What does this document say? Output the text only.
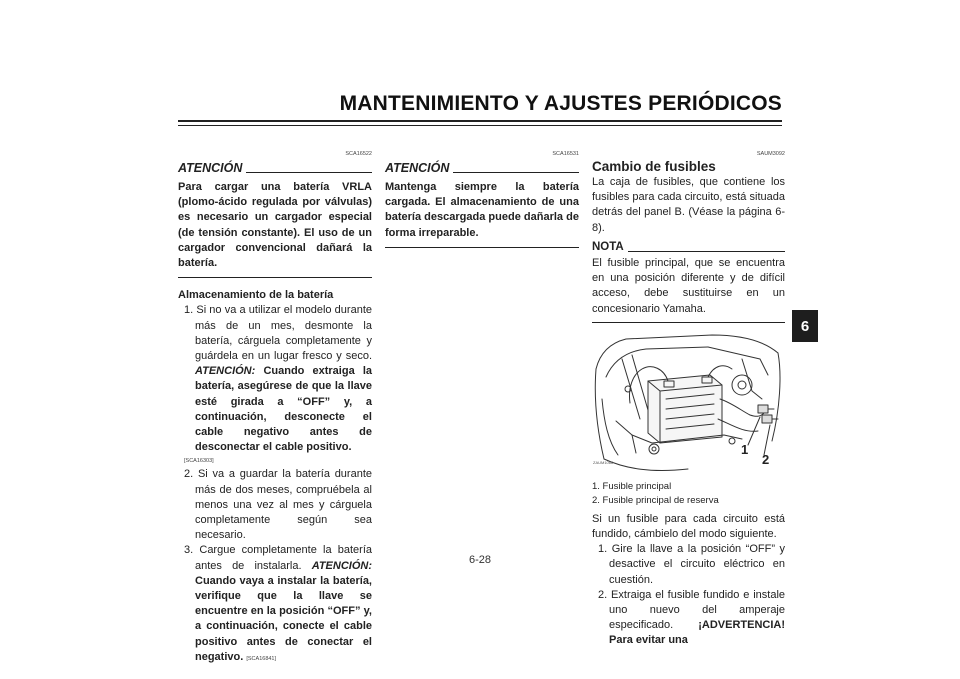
MANTENIMIENTO Y AJUSTES PERIÓDICOS
6
SCA16522
ATENCIÓN
Para cargar una batería VRLA (plomo-ácido regulada por válvulas) es necesario un cargador especial (de tensión constante). El uso de un cargador convencional dañará la batería.
Almacenamiento de la batería
1. Si no va a utilizar el modelo durante más de un mes, desmonte la batería, cárguela completamente y guárdela en un lugar fresco y seco. ATENCIÓN: Cuando extraiga la batería, asegúrese de que la llave esté girada a “OFF” y, a continuación, desconecte el cable negativo antes de desconectar el cable positivo.
[SCA16303]
2. Si va a guardar la batería durante más de dos meses, compruébela al menos una vez al mes y cárguela completamente según sea necesario.
3. Cargue completamente la batería antes de instalarla. ATENCIÓN: Cuando vaya a instalar la batería, verifique que la llave se encuentre en la posición “OFF” y, a continuación, conecte el cable positivo antes de conectar el negativo. [SCA16841]
SCA16531
ATENCIÓN
Mantenga siempre la batería cargada. El almacenamiento de una batería descargada puede dañarla de forma irreparable.
SAUM3092
Cambio de fusibles
La caja de fusibles, que contiene los fusibles para cada circuito, está situada detrás del panel B. (Véase la página 6-8).
NOTA
El fusible principal, que se encuentra en una posición diferente y de difícil acceso, debe sustituirse en un concesionario Yamaha.
ZAUM1068
1
2
1. Fusible principal
2. Fusible principal de reserva
Si un fusible para cada circuito está fundido, cámbielo del modo siguiente.
1. Gire la llave a la posición “OFF” y desactive el circuito eléctrico en cuestión.
2. Extraiga el fusible fundido e instale uno nuevo del amperaje especificado. ¡ADVERTENCIA! Para evitar una
6-28
